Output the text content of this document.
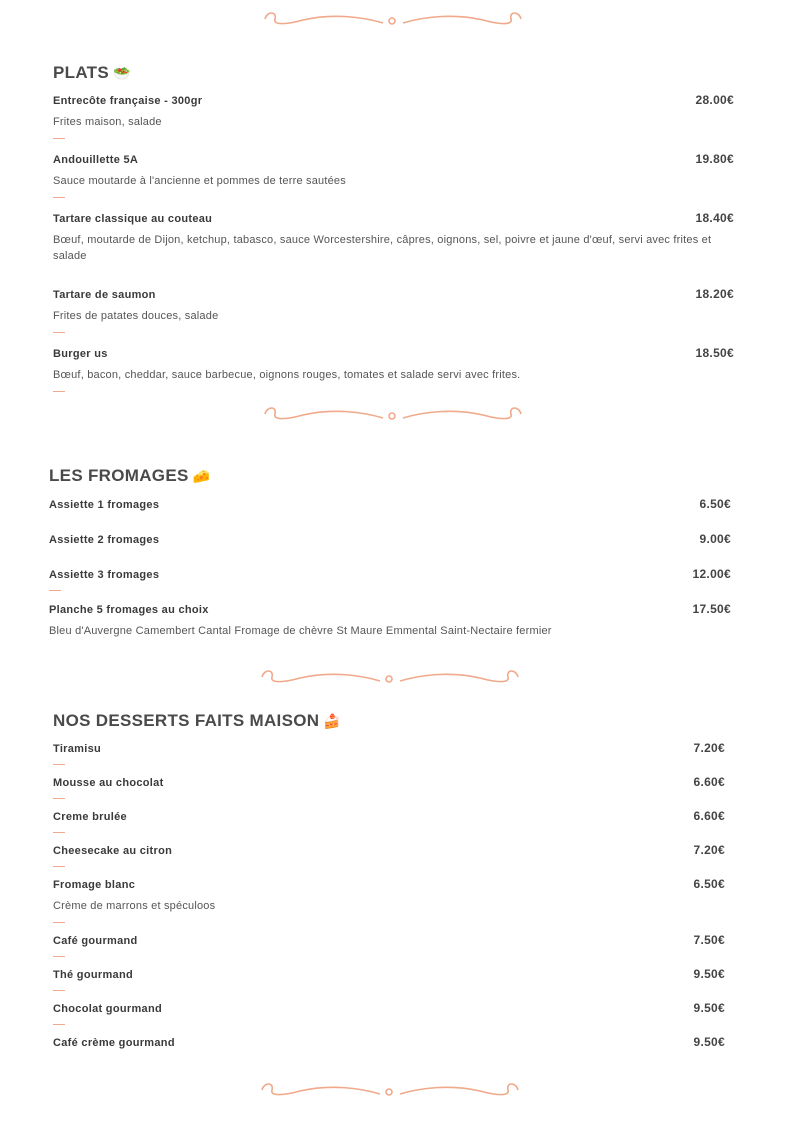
PLATS 🥗
Entrecôte française - 300gr	28.00€
Frites maison, salade
Andouillette 5A	19.80€
Sauce moutarde à l'ancienne et pommes de terre sautées
Tartare classique au couteau	18.40€
Bœuf, moutarde de Dijon, ketchup, tabasco, sauce Worcestershire, câpres, oignons, sel, poivre et jaune d'œuf, servi avec frites et salade
Tartare de saumon	18.20€
Frites de patates douces, salade
Burger us	18.50€
Bœuf, bacon, cheddar, sauce barbecue, oignons rouges, tomates et salade servi avec frites.
LES FROMAGES 🧀
Assiette 1 fromages	6.50€
Assiette 2 fromages	9.00€
Assiette 3 fromages	12.00€
Planche 5 fromages au choix	17.50€
Bleu d'Auvergne Camembert Cantal Fromage de chèvre St Maure Emmental Saint-Nectaire fermier
NOS DESSERTS FAITS MAISON 🍰
Tiramisu	7.20€
Mousse au chocolat	6.60€
Creme brulée	6.60€
Cheesecake au citron	7.20€
Fromage blanc	6.50€
Crème de marrons et spéculoos
Café gourmand	7.50€
Thé gourmand	9.50€
Chocolat gourmand	9.50€
Café crème gourmand	9.50€
